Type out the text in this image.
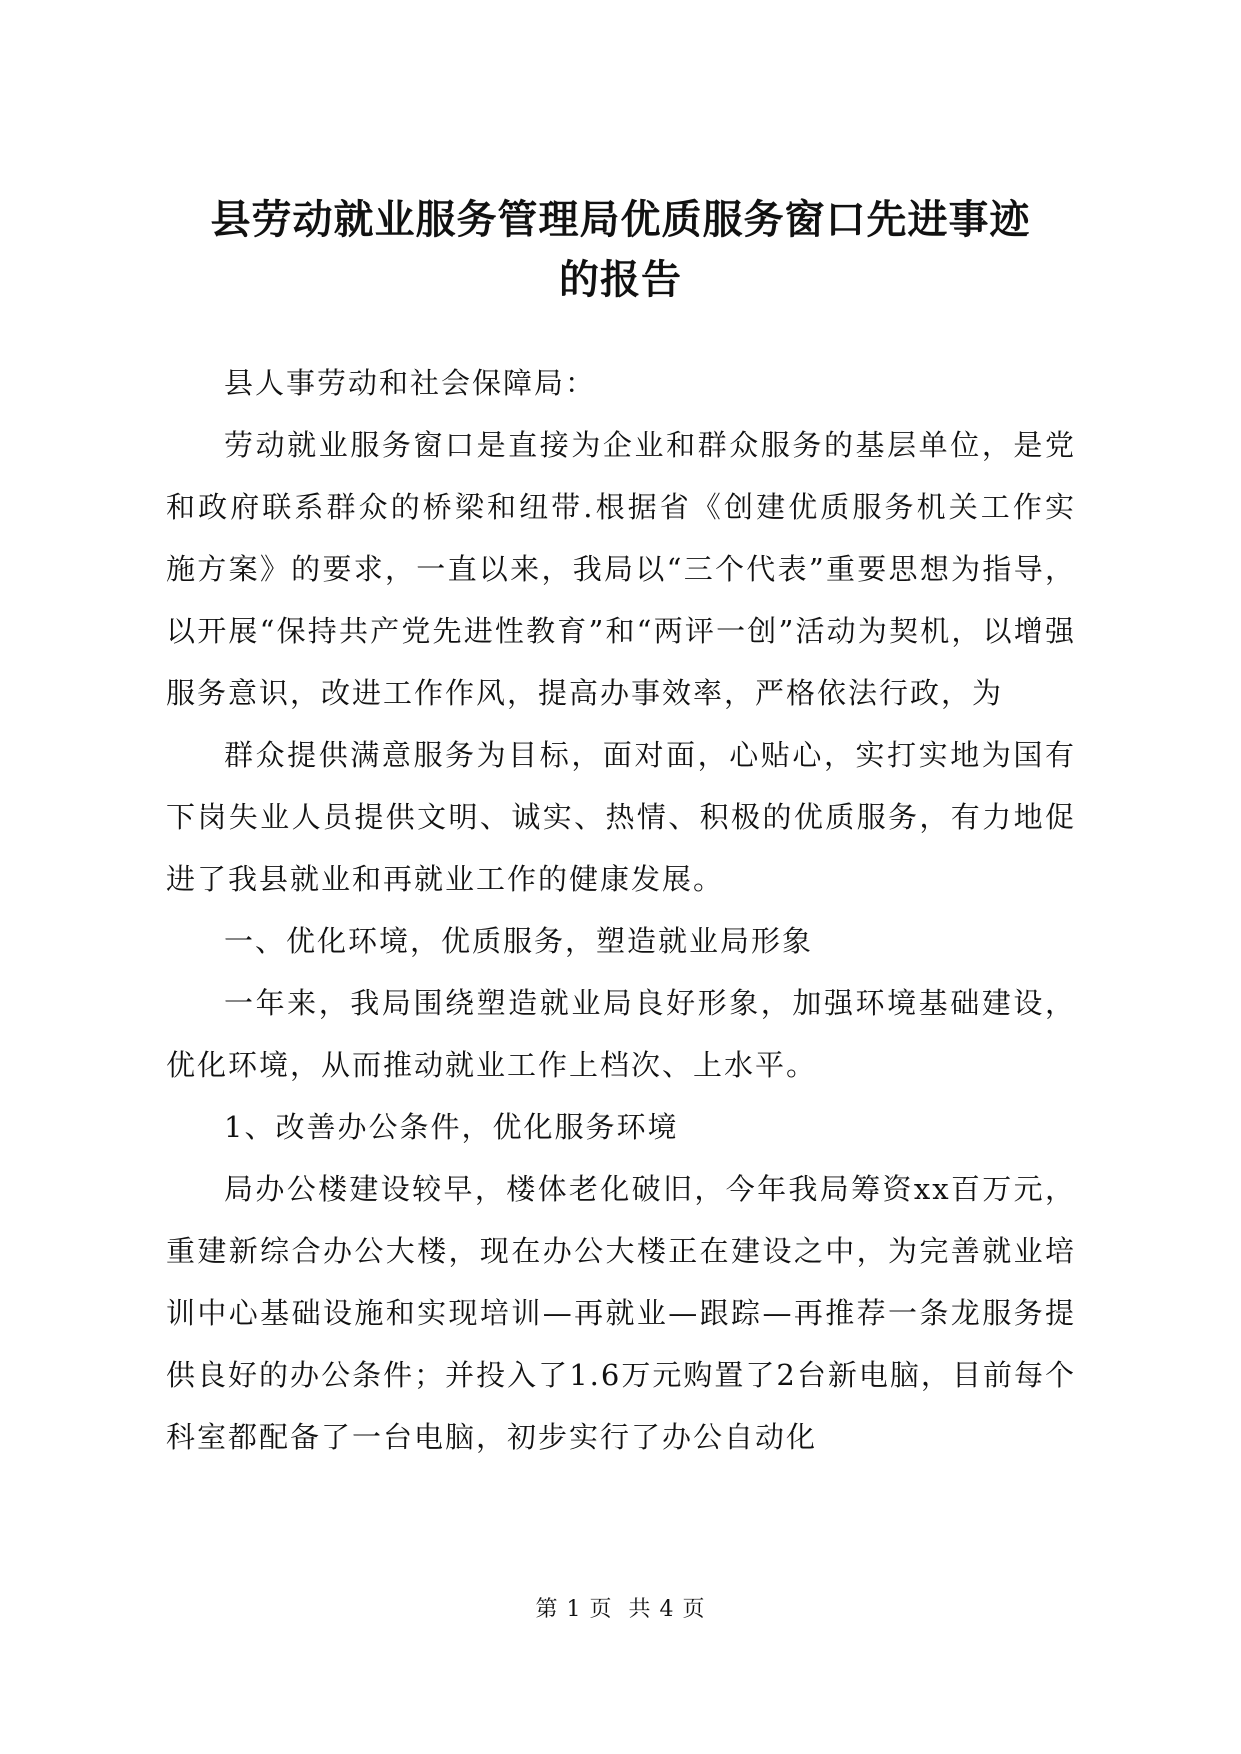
县劳动就业服务管理局优质服务窗口先进事迹
的报告

县人事劳动和社会保障局：

劳动就业服务窗口是直接为企业和群众服务的基层单位，是党和政府联系群众的桥梁和纽带.根据省《创建优质服务机关工作实施方案》的要求，一直以来，我局以“三个代表”重要思想为指导，以开展“保持共产党先进性教育”和“两评一创”活动为契机，以增强服务意识，改进工作作风，提高办事效率，严格依法行政，为

群众提供满意服务为目标，面对面，心贴心，实打实地为国有下岗失业人员提供文明、诚实、热情、积极的优质服务，有力地促进了我县就业和再就业工作的健康发展。

一、优化环境，优质服务，塑造就业局形象

一年来，我局围绕塑造就业局良好形象，加强环境基础建设，优化环境，从而推动就业工作上档次、上水平。

1、改善办公条件，优化服务环境

局办公楼建设较早，楼体老化破旧，今年我局筹资xx百万元，重建新综合办公大楼，现在办公大楼正在建设之中，为完善就业培训中心基础设施和实现培训—再就业—跟踪—再推荐一条龙服务提供良好的办公条件；并投入了1.6万元购置了2台新电脑，目前每个科室都配备了一台电脑，初步实行了办公自动化

第 1 页 共 4 页
